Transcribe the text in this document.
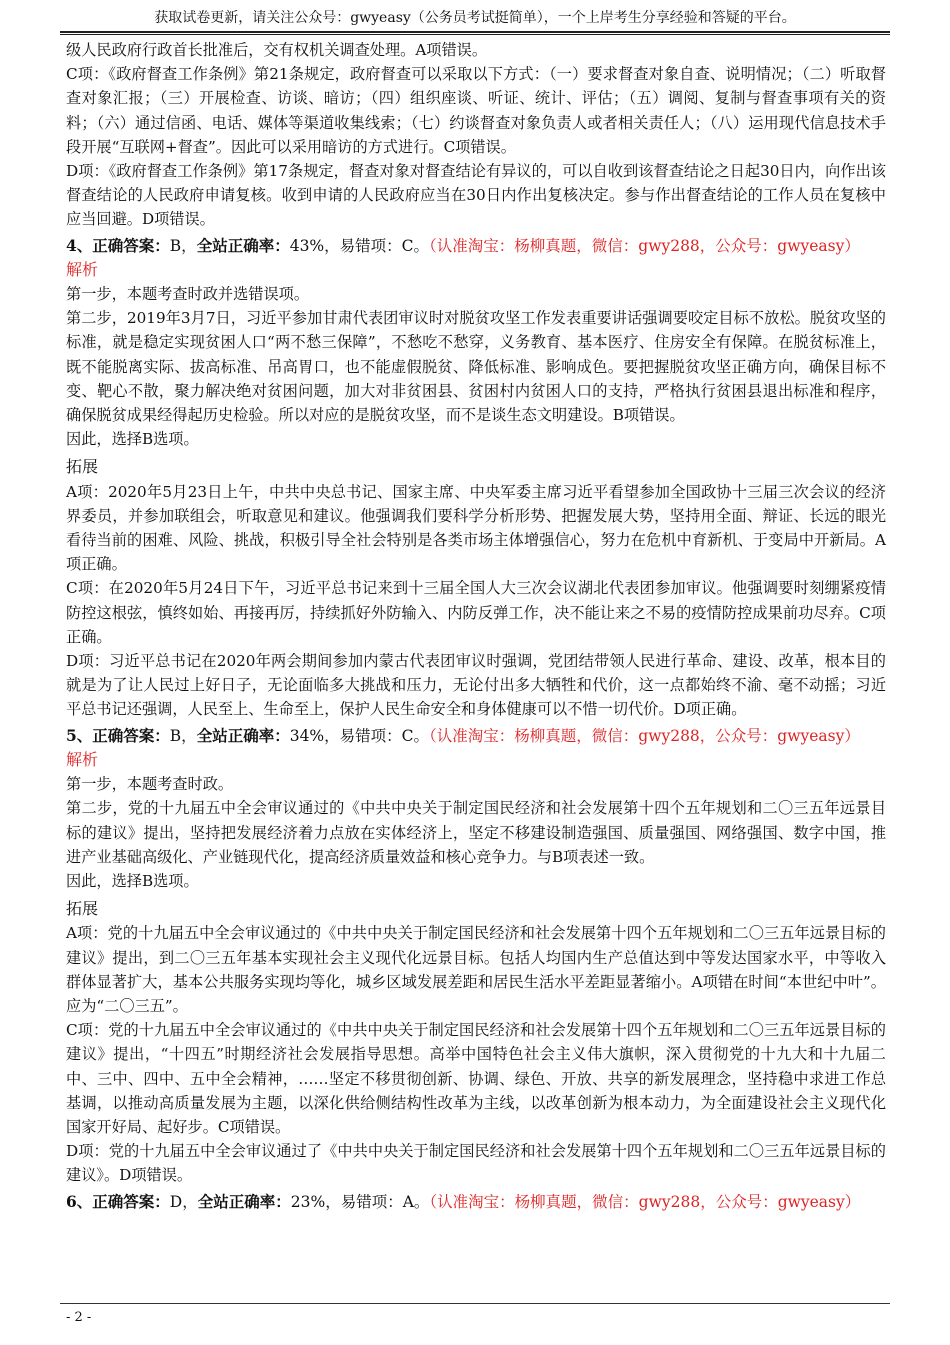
获取试卷更新，请关注公众号：gwyeasy（公务员考试挺简单），一个上岸考生分享经验和答疑的平台。

级人民政府行政首长批准后，交有权机关调查处理。A项错误。

C项：《政府督查工作条例》第21条规定，政府督查可以采取以下方式：（一）要求督查对象自查、说明情况；（二）听取督查对象汇报；（三）开展检查、访谈、暗访；（四）组织座谈、听证、统计、评估；（五）调阅、复制与督查事项有关的资料；（六）通过信函、电话、媒体等渠道收集线索；（七）约谈督查对象负责人或者相关责任人；（八）运用现代信息技术手段开展“互联网+督查”。因此可以采用暗访的方式进行。C项错误。

D项：《政府督查工作条例》第17条规定，督查对象对督查结论有异议的，可以自收到该督查结论之日起30日内，向作出该督查结论的人民政府申请复核。收到申请的人民政府应当在30日内作出复核决定。参与作出督查结论的工作人员在复核中应当回避。D项错误。

4、正确答案：B，全站正确率：43%，易错项：C。（认准淘宝：杨柳真题，微信：gwy288，公众号：gwyeasy）

解析

第一步，本题考查时政并选错误项。

第二步，2019年3月7日，习近平参加甘肃代表团审议时对脱贫攻坚工作发表重要讲话强调要咬定目标不放松。脱贫攻坚的标准，就是稳定实现贫困人口“两不愁三保障”，不愁吃不愁穿，义务教育、基本医疗、住房安全有保障。在脱贫标准上，既不能脱离实际、拔高标准、吊高胃口，也不能虚假脱贫、降低标准、影响成色。要把握脱贫攻坚正确方向，确保目标不变、靶心不散，聚力解决绝对贫困问题，加大对非贫困县、贫困村内贫困人口的支持，严格执行贫困县退出标准和程序，确保脱贫成果经得起历史检验。所以对应的是脱贫攻坚，而不是谈生态文明建设。B项错误。

因此，选择B选项。

拓展

A项：2020年5月23日上午，中共中央总书记、国家主席、中央军委主席习近平看望参加全国政协十三届三次会议的经济界委员，并参加联组会，听取意见和建议。他强调我们要科学分析形势、把握发展大势，坚持用全面、辩证、长远的眼光看待当前的困难、风险、挑战，积极引导全社会特别是各类市场主体增强信心，努力在危机中育新机、于变局中开新局。A项正确。

C项：在2020年5月24日下午，习近平总书记来到十三届全国人大三次会议湖北代表团参加审议。他强调要时刻绷紧疫情防控这根弦，慎终如始、再接再厉，持续抓好外防输入、内防反弹工作，决不能让来之不易的疫情防控成果前功尽弃。C项正确。

D项：习近平总书记在2020年两会期间参加内蒙古代表团审议时强调，党团结带领人民进行革命、建设、改革，根本目的就是为了让人民过上好日子，无论面临多大挑战和压力，无论付出多大牺牲和代价，这一点都始终不渝、毫不动摇；习近平总书记还强调，人民至上、生命至上，保护人民生命安全和身体健康可以不惜一切代价。D项正确。

5、正确答案：B，全站正确率：34%，易错项：C。（认准淘宝：杨柳真题，微信：gwy288，公众号：gwyeasy）

解析

第一步，本题考查时政。

第二步，党的十九届五中全会审议通过的《中共中央关于制定国民经济和社会发展第十四个五年规划和二〇三五年远景目标的建议》提出，坚持把发展经济着力点放在实体经济上，坚定不移建设制造强国、质量强国、网络强国、数字中国，推进产业基础高级化、产业链现代化，提高经济质量效益和核心竞争力。与B项表述一致。

因此，选择B选项。

拓展

A项：党的十九届五中全会审议通过的《中共中央关于制定国民经济和社会发展第十四个五年规划和二〇三五年远景目标的建议》提出，到二〇三五年基本实现社会主义现代化远景目标。包括人均国内生产总值达到中等发达国家水平，中等收入群体显著扩大，基本公共服务实现均等化，城乡区域发展差距和居民生活水平差距显著缩小。A项错在时间“本世纪中叶”。应为“二〇三五”。

C项：党的十九届五中全会审议通过的《中共中央关于制定国民经济和社会发展第十四个五年规划和二〇三五年远景目标的建议》提出，“十四五”时期经济社会发展指导思想。高举中国特色社会主义伟大旗帜，深入贯彻党的十九大和十九届二中、三中、四中、五中全会精神，……坚定不移贯彻创新、协调、绿色、开放、共享的新发展理念，坚持稳中求进工作总基调，以推动高质量发展为主题，以深化供给侧结构性改革为主线，以改革创新为根本动力，为全面建设社会主义现代化国家开好局、起好步。C项错误。

D项：党的十九届五中全会审议通过了《中共中央关于制定国民经济和社会发展第十四个五年规划和二〇三五年远景目标的建议》。D项错误。

6、正确答案：D，全站正确率：23%，易错项：A。（认准淘宝：杨柳真题，微信：gwy288，公众号：gwyeasy）

- 2 -
